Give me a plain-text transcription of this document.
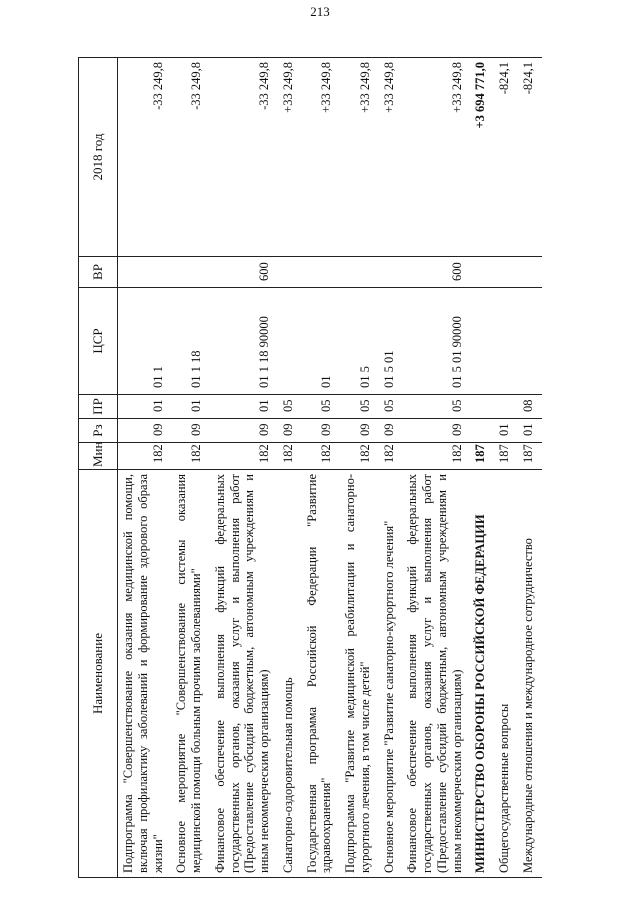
213
Наименование	Мин	Рз	ПР	ЦСР	ВР	2018 год
Подпрограмма "Совершенствование оказания медицинской помощи, включая профилактику заболеваний и формирование здорового образа жизни"	182	09	01	01 1		-33 249,8
Основное мероприятие "Совершенствование системы оказания медицинской помощи больным прочими заболеваниями"	182	09	01	01 1 18		-33 249,8
Финансовое обеспечение выполнения функций федеральных государственных органов, оказания услуг и выполнения работ (Предоставление субсидий бюджетным, автономным учреждениям и иным некоммерческим организациям)	182	09	01	01 1 18 90000	600	-33 249,8
Санаторно-оздоровительная помощь	182	09	05			+33 249,8
Государственная программа Российской Федерации "Развитие здравоохранения"	182	09	05	01		+33 249,8
Подпрограмма "Развитие медицинской реабилитации и санаторно-курортного лечения, в том числе детей"	182	09	05	01 5		+33 249,8
Основное мероприятие "Развитие санаторно-курортного лечения"	182	09	05	01 5 01		+33 249,8
Финансовое обеспечение выполнения функций федеральных государственных органов, оказания услуг и выполнения работ (Предоставление субсидий бюджетным, автономным учреждениям и иным некоммерческим организациям)	182	09	05	01 5 01 90000	600	+33 249,8
МИНИСТЕРСТВО ОБОРОНЫ РОССИЙСКОЙ ФЕДЕРАЦИИ	187					+3 694 771,0
Общегосударственные вопросы	187	01				-824,1
Международные отношения и международное сотрудничество	187	01	08			-824,1
